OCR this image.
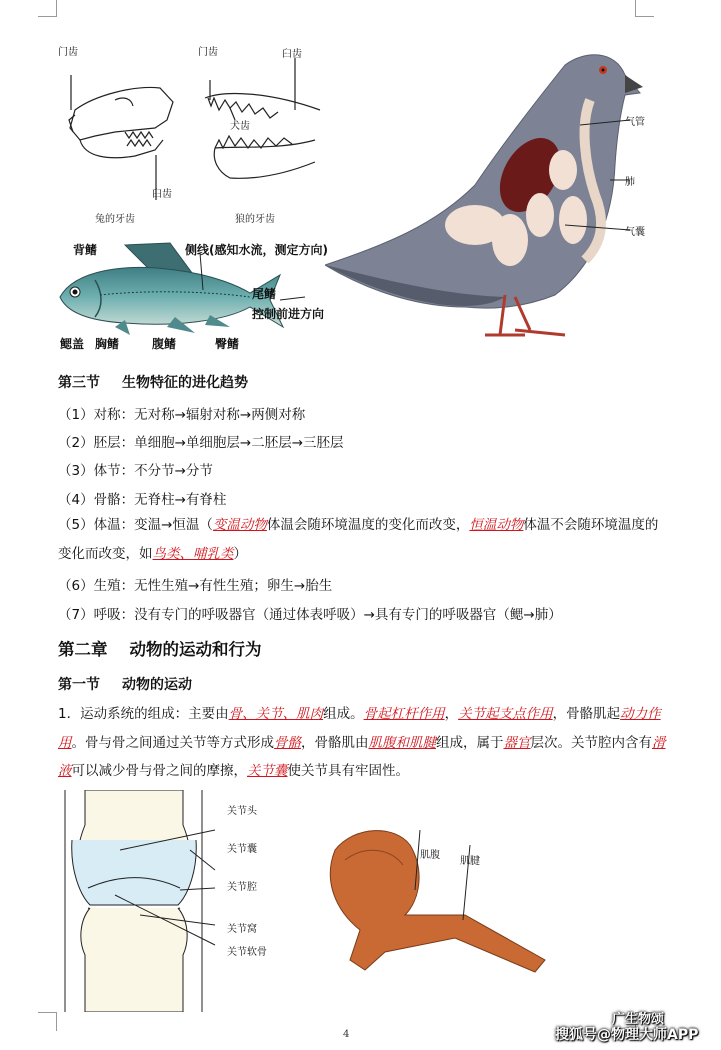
门齿
臼齿
兔的牙齿
门齿	臼齿
犬齿
狼的牙齿
背鳍	侧线(感知水流，测定方向)
尾鳍
控制前进方向
鳃盖 胸鳍	腹鳍	臀鳍
气管
肺
气囊
第三节 生物特征的进化趋势
（1）对称：无对称→辐射对称→两侧对称
（2）胚层：单细胞→单细胞层→二胚层→三胚层
（3）体节：不分节→分节
（4）骨骼：无脊柱→有脊柱
（5）体温：变温→恒温（变温动物体温会随环境温度的变化而改变，恒温动物体温不会随环境温度的变化而改变，如鸟类、哺乳类）
（6）生殖：无性生殖→有性生殖；卵生→胎生
（7）呼吸：没有专门的呼吸器官（通过体表呼吸）→具有专门的呼吸器官（鳃→肺）
第二章 动物的运动和行为
第一节 动物的运动
1．运动系统的组成：主要由骨、关节、肌肉组成。骨起杠杆作用，关节起支点作用，骨骼肌起动力作用。骨与骨之间通过关节等方式形成骨骼，骨骼肌由肌腹和肌腱组成，属于器官层次。关节腔内含有滑液可以减少骨与骨之间的摩擦，关节囊使关节具有牢固性。
关节头
关节囊
关节腔
关节窝
关节软骨
肌腹
肌腱
4
广生物颂
搜狐号@物理大师APP
